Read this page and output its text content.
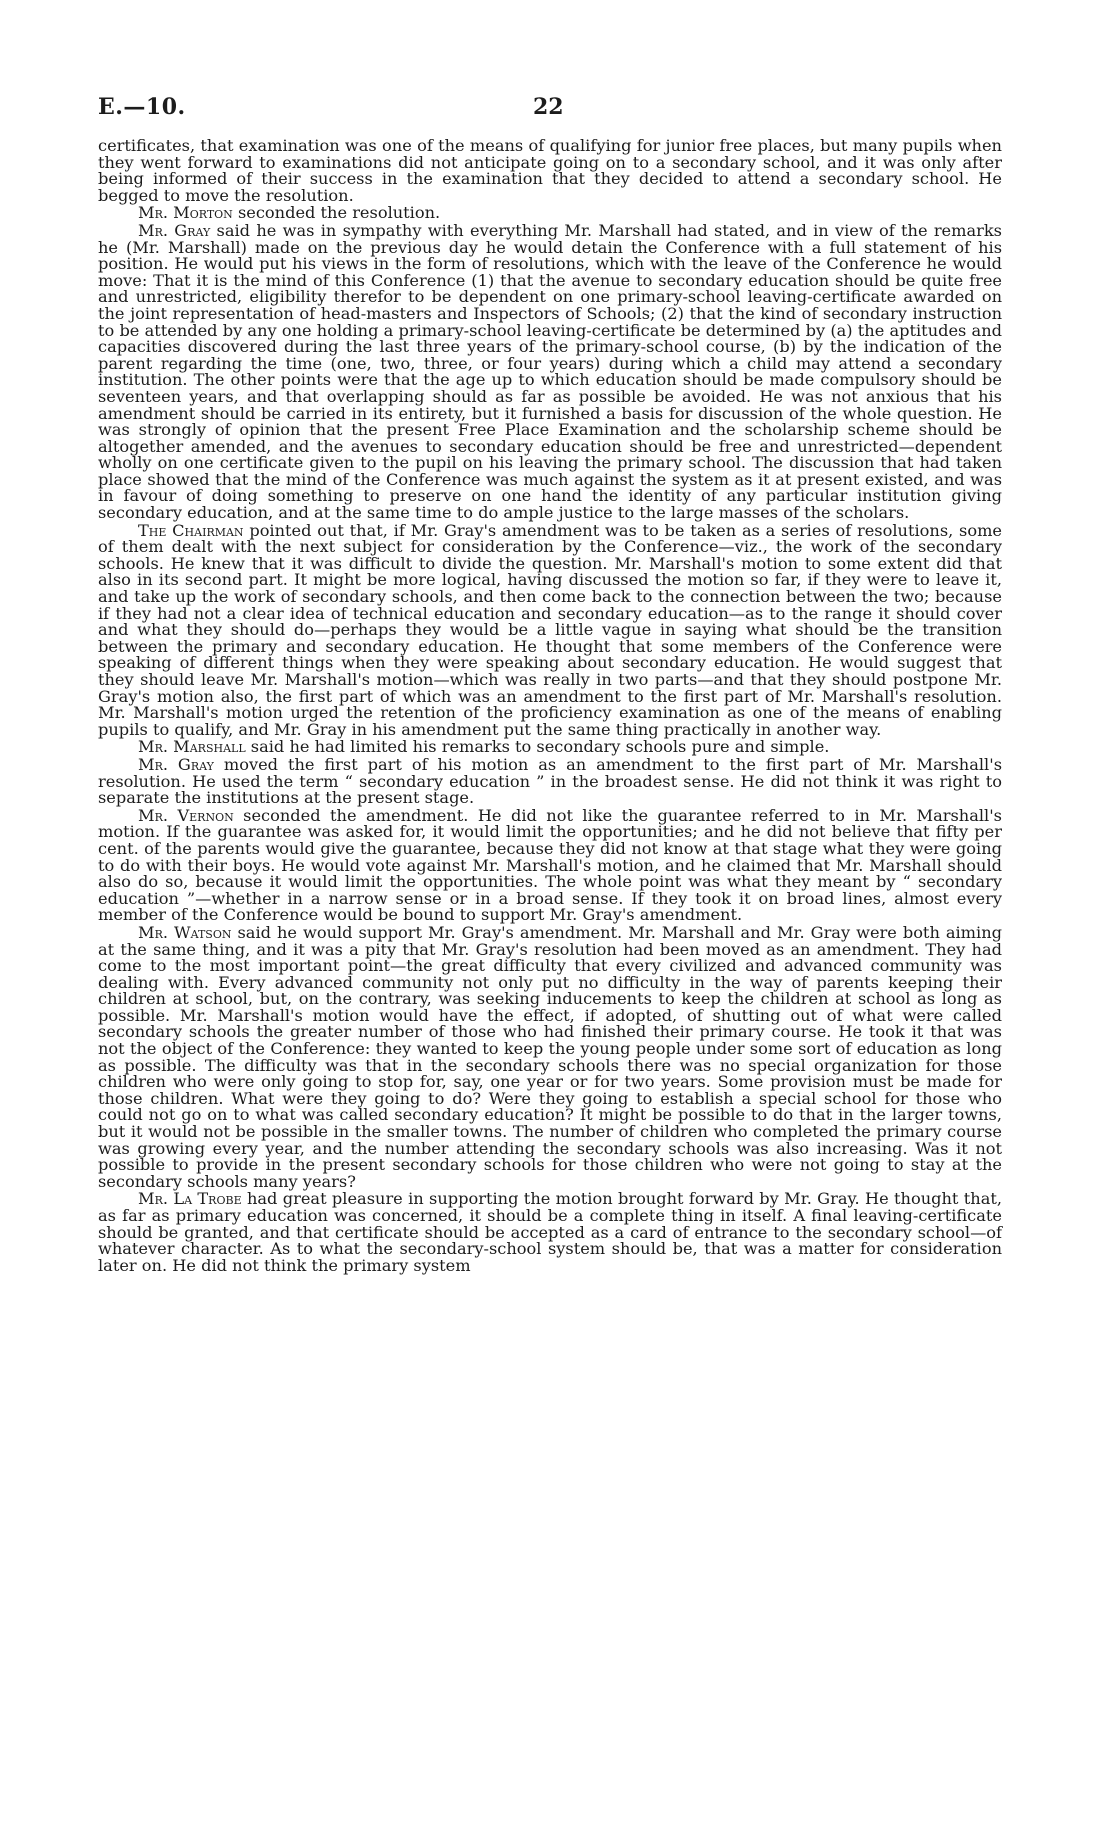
E.—10.	22

certificates, that examination was one of the means of qualifying for junior free places, but many pupils when they went forward to examinations did not anticipate going on to a secondary school, and it was only after being informed of their success in the examination that they decided to attend a secondary school. He begged to move the resolution.

Mr. Morton seconded the resolution.

Mr. Gray said he was in sympathy with everything Mr. Marshall had stated, and in view of the remarks he (Mr. Marshall) made on the previous day he would detain the Conference with a full statement of his position. He would put his views in the form of resolutions, which with the leave of the Conference he would move: That it is the mind of this Conference (1) that the avenue to secondary education should be quite free and unrestricted, eligibility therefor to be dependent on one primary-school leaving-certificate awarded on the joint representation of head-masters and Inspectors of Schools; (2) that the kind of secondary instruction to be attended by any one holding a primary-school leaving-certificate be determined by (a) the aptitudes and capacities discovered during the last three years of the primary-school course, (b) by the indication of the parent regarding the time (one, two, three, or four years) during which a child may attend a secondary institution. The other points were that the age up to which education should be made compulsory should be seventeen years, and that overlapping should as far as possible be avoided. He was not anxious that his amendment should be carried in its entirety, but it furnished a basis for discussion of the whole question. He was strongly of opinion that the present Free Place Examination and the scholarship scheme should be altogether amended, and the avenues to secondary education should be free and unrestricted—dependent wholly on one certificate given to the pupil on his leaving the primary school. The discussion that had taken place showed that the mind of the Conference was much against the system as it at present existed, and was in favour of doing something to preserve on one hand the identity of any particular institution giving secondary education, and at the same time to do ample justice to the large masses of the scholars.

The Chairman pointed out that, if Mr. Gray's amendment was to be taken as a series of resolutions, some of them dealt with the next subject for consideration by the Conference—viz., the work of the secondary schools. He knew that it was difficult to divide the question. Mr. Marshall's motion to some extent did that also in its second part. It might be more logical, having discussed the motion so far, if they were to leave it, and take up the work of secondary schools, and then come back to the connection between the two; because if they had not a clear idea of technical education and secondary education—as to the range it should cover and what they should do—perhaps they would be a little vague in saying what should be the transition between the primary and secondary education. He thought that some members of the Conference were speaking of different things when they were speaking about secondary education. He would suggest that they should leave Mr. Marshall's motion—which was really in two parts—and that they should postpone Mr. Gray's motion also, the first part of which was an amendment to the first part of Mr. Marshall's resolution. Mr. Marshall's motion urged the retention of the proficiency examination as one of the means of enabling pupils to qualify, and Mr. Gray in his amendment put the same thing practically in another way.

Mr. Marshall said he had limited his remarks to secondary schools pure and simple.

Mr. Gray moved the first part of his motion as an amendment to the first part of Mr. Marshall's resolution. He used the term “ secondary education ” in the broadest sense. He did not think it was right to separate the institutions at the present stage.

Mr. Vernon seconded the amendment. He did not like the guarantee referred to in Mr. Marshall's motion. If the guarantee was asked for, it would limit the opportunities; and he did not believe that fifty per cent. of the parents would give the guarantee, because they did not know at that stage what they were going to do with their boys. He would vote against Mr. Marshall's motion, and he claimed that Mr. Marshall should also do so, because it would limit the opportunities. The whole point was what they meant by “ secondary education ”—whether in a narrow sense or in a broad sense. If they took it on broad lines, almost every member of the Conference would be bound to support Mr. Gray's amendment.

Mr. Watson said he would support Mr. Gray's amendment. Mr. Marshall and Mr. Gray were both aiming at the same thing, and it was a pity that Mr. Gray's resolution had been moved as an amendment. They had come to the most important point—the great difficulty that every civilized and advanced community was dealing with. Every advanced community not only put no difficulty in the way of parents keeping their children at school, but, on the contrary, was seeking inducements to keep the children at school as long as possible. Mr. Marshall's motion would have the effect, if adopted, of shutting out of what were called secondary schools the greater number of those who had finished their primary course. He took it that was not the object of the Conference: they wanted to keep the young people under some sort of education as long as possible. The difficulty was that in the secondary schools there was no special organization for those children who were only going to stop for, say, one year or for two years. Some provision must be made for those children. What were they going to do? Were they going to establish a special school for those who could not go on to what was called secondary education? It might be possible to do that in the larger towns, but it would not be possible in the smaller towns. The number of children who completed the primary course was growing every year, and the number attending the secondary schools was also increasing. Was it not possible to provide in the present secondary schools for those children who were not going to stay at the secondary schools many years?

Mr. La Trobe had great pleasure in supporting the motion brought forward by Mr. Gray. He thought that, as far as primary education was concerned, it should be a complete thing in itself. A final leaving-certificate should be granted, and that certificate should be accepted as a card of entrance to the secondary school—of whatever character. As to what the secondary-school system should be, that was a matter for consideration later on. He did not think the primary system
